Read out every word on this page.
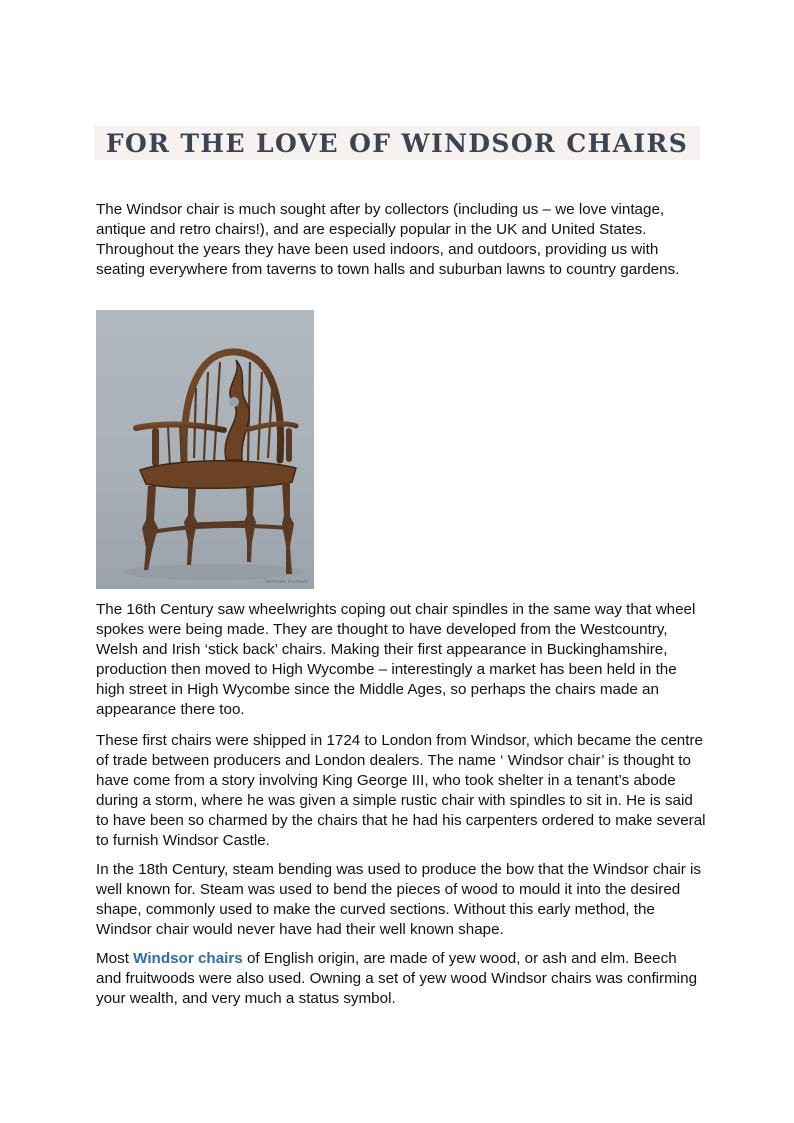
FOR THE LOVE OF WINDSOR CHAIRS

The Windsor chair is much sought after by collectors (including us – we love vintage, antique and retro chairs!), and are especially popular in the UK and United States. Throughout the years they have been used indoors, and outdoors, providing us with seating everywhere from taverns to town halls and suburban lawns to country gardens.

Renovate Furniture

The 16th Century saw wheelwrights coping out chair spindles in the same way that wheel spokes were being made. They are thought to have developed from the Westcountry, Welsh and Irish ‘stick back’ chairs. Making their first appearance in Buckinghamshire, production then moved to High Wycombe – interestingly a market has been held in the high street in High Wycombe since the Middle Ages, so perhaps the chairs made an appearance there too.

These first chairs were shipped in 1724 to London from Windsor, which became the centre of trade between producers and London dealers. The name ‘ Windsor chair’ is thought to have come from a story involving King George III, who took shelter in a tenant’s abode during a storm, where he was given a simple rustic chair with spindles to sit in. He is said to have been so charmed by the chairs that he had his carpenters ordered to make several to furnish Windsor Castle.

In the 18th Century, steam bending was used to produce the bow that the Windsor chair is well known for. Steam was used to bend the pieces of wood to mould it into the desired shape, commonly used to make the curved sections. Without this early method, the Windsor chair would never have had their well known shape.

Most Windsor chairs of English origin, are made of yew wood, or ash and elm. Beech and fruitwoods were also used. Owning a set of yew wood Windsor chairs was confirming your wealth, and very much a status symbol.
